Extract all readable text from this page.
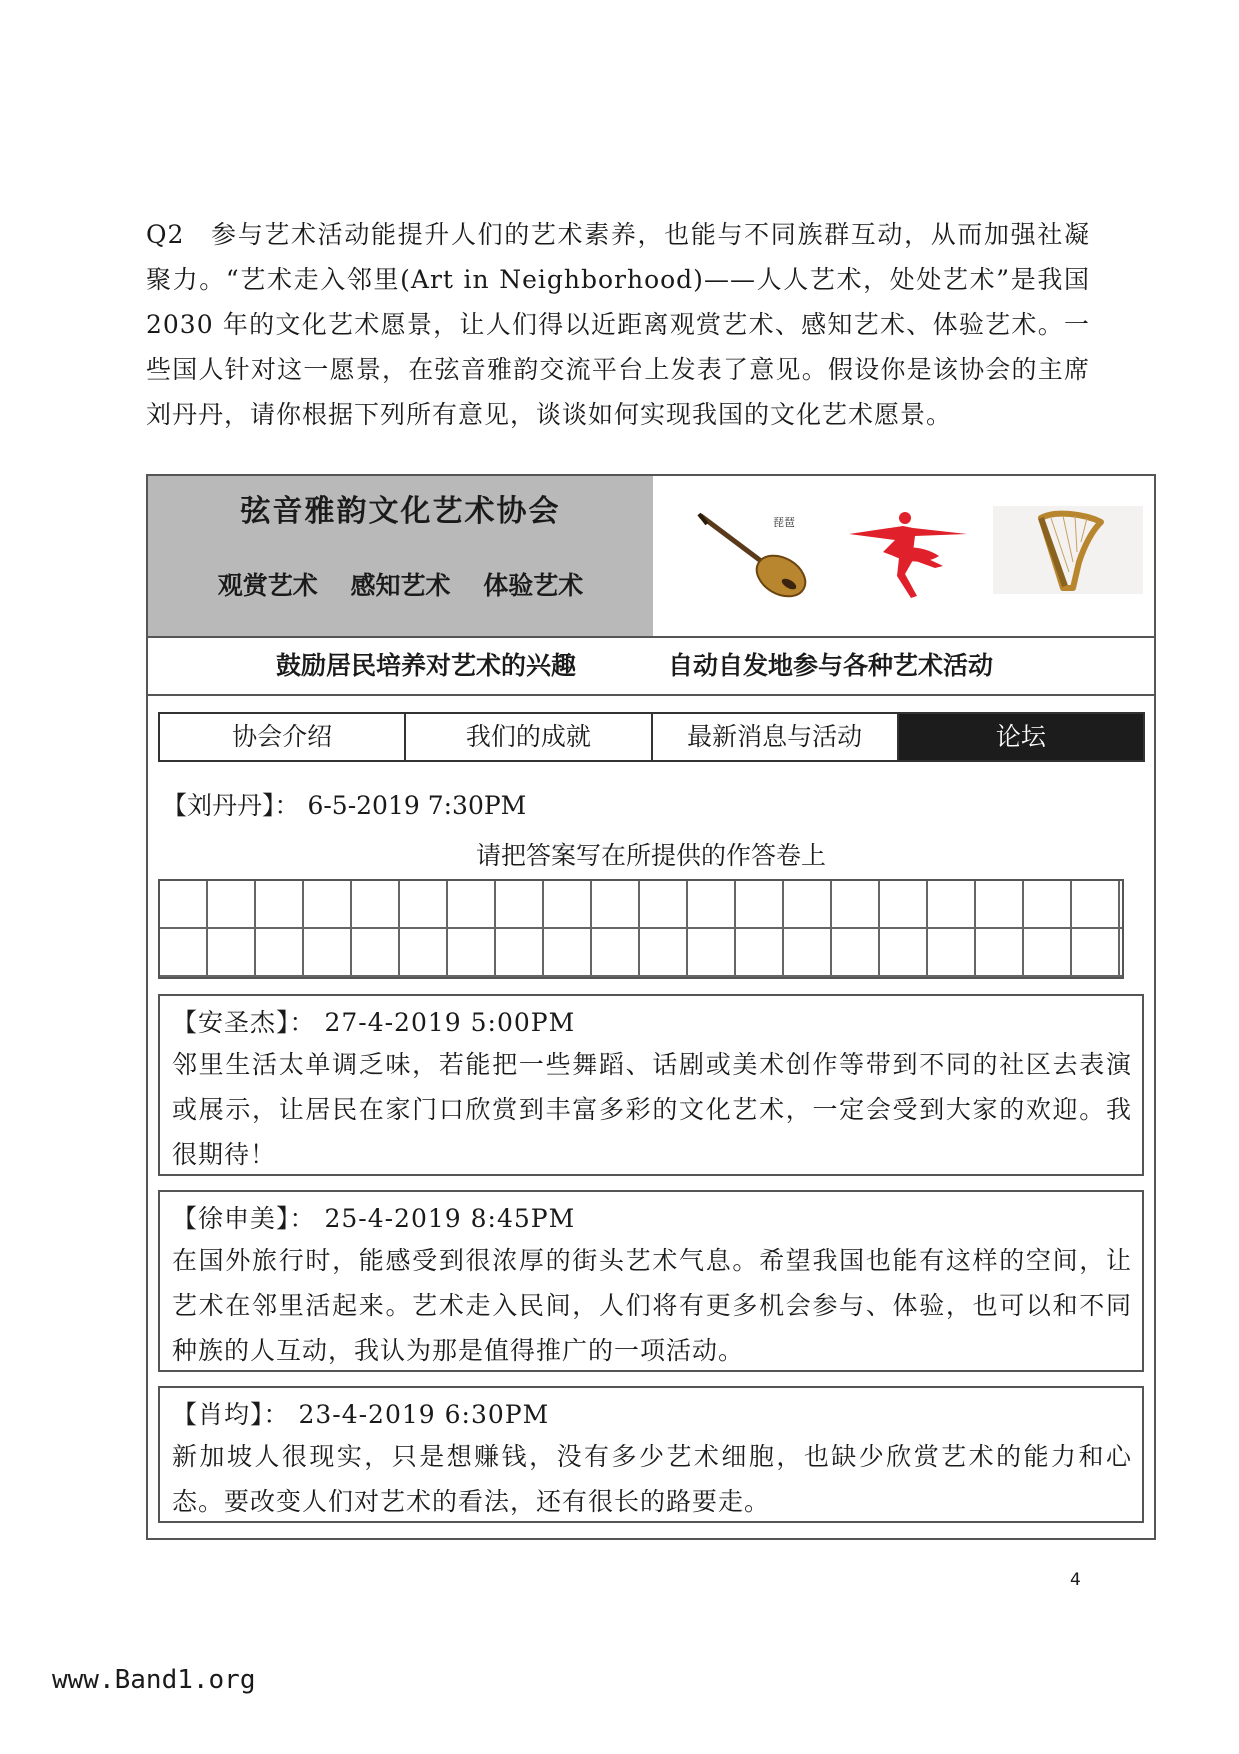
Q2 参与艺术活动能提升人们的艺术素养，也能与不同族群互动，从而加强社凝聚力。“艺术走入邻里(Art in Neighborhood)——人人艺术，处处艺术”是我国 2030 年的文化艺术愿景，让人们得以近距离观赏艺术、感知艺术、体验艺术。一些国人针对这一愿景，在弦音雅韵交流平台上发表了意见。假设你是该协会的主席刘丹丹，请你根据下列所有意见，谈谈如何实现我国的文化艺术愿景。
弦音雅韵文化艺术协会
观赏艺术 感知艺术 体验艺术
琵琶
鼓励居民培养对艺术的兴趣	自动自发地参与各种艺术活动
协会介绍	我们的成就	最新消息与活动	论坛
【刘丹丹】： 6-5-2019 7:30PM
请把答案写在所提供的作答卷上
【安圣杰】： 27-4-2019 5:00PM
邻里生活太单调乏味，若能把一些舞蹈、话剧或美术创作等带到不同的社区去表演或展示，让居民在家门口欣赏到丰富多彩的文化艺术，一定会受到大家的欢迎。我很期待！
【徐申美】： 25-4-2019 8:45PM
在国外旅行时，能感受到很浓厚的街头艺术气息。希望我国也能有这样的空间，让艺术在邻里活起来。艺术走入民间，人们将有更多机会参与、体验，也可以和不同种族的人互动，我认为那是值得推广的一项活动。
【肖均】： 23-4-2019 6:30PM
新加坡人很现实，只是想赚钱，没有多少艺术细胞，也缺少欣赏艺术的能力和心态。要改变人们对艺术的看法，还有很长的路要走。
4
www.Band1.org
